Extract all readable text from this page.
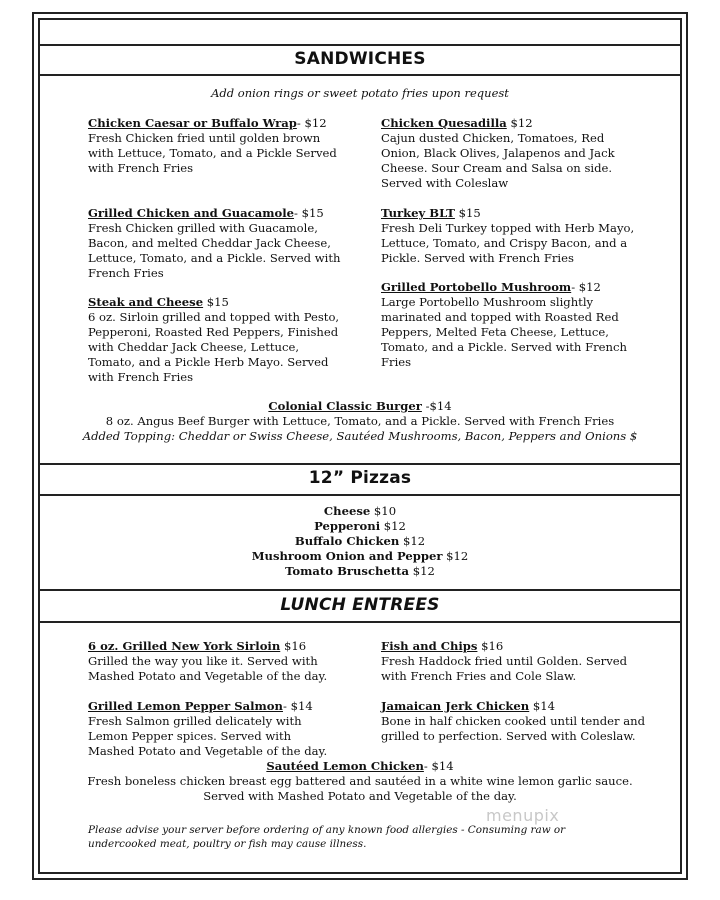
SANDWICHES
Add onion rings or sweet potato fries upon request
Chicken Caesar or Buffalo Wrap- $12
Fresh Chicken fried until golden brown with Lettuce, Tomato, and a Pickle Served with French Fries
Chicken Quesadilla $12
Cajun dusted Chicken, Tomatoes, Red Onion, Black Olives, Jalapenos and Jack Cheese. Sour Cream and Salsa on side. Served with Coleslaw
Grilled Chicken and Guacamole- $15
Fresh Chicken grilled with Guacamole, Bacon, and melted Cheddar Jack Cheese, Lettuce, Tomato, and a Pickle. Served with French Fries
Turkey BLT $15
Fresh Deli Turkey topped with Herb Mayo, Lettuce, Tomato, and Crispy Bacon, and a Pickle. Served with French Fries
Steak and Cheese $15
6 oz. Sirloin grilled and topped with Pesto, Pepperoni, Roasted Red Peppers, Finished with Cheddar Jack Cheese, Lettuce, Tomato, and a Pickle Herb Mayo. Served with French Fries
Grilled Portobello Mushroom- $12
Large Portobello Mushroom slightly marinated and topped with Roasted Red Peppers, Melted Feta Cheese, Lettuce, Tomato, and a Pickle. Served with French Fries
Colonial Classic Burger -$14
8 oz. Angus Beef Burger with Lettuce, Tomato, and a Pickle. Served with French Fries
Added Topping: Cheddar or Swiss Cheese, Sautéed Mushrooms, Bacon, Peppers and Onions $
12” Pizzas
Cheese $10
Pepperoni $12
Buffalo Chicken $12
Mushroom Onion and Pepper $12
Tomato Bruschetta $12
LUNCH ENTREES
6 oz. Grilled New York Sirloin $16
Grilled the way you like it. Served with Mashed Potato and Vegetable of the day.
Fish and Chips $16
Fresh Haddock fried until Golden. Served with French Fries and Cole Slaw.
Grilled Lemon Pepper Salmon- $14
Fresh Salmon grilled delicately with Lemon Pepper spices. Served with Mashed Potato and Vegetable of the day.
Jamaican Jerk Chicken $14
Bone in half chicken cooked until tender and grilled to perfection. Served with Coleslaw.
Sautéed Lemon Chicken- $14
Fresh boneless chicken breast egg battered and sautéed in a white wine lemon garlic sauce. Served with Mashed Potato and Vegetable of the day.
menupix
Please advise your server before ordering of any known food allergies - Consuming raw or undercooked meat, poultry or fish may cause illness.
